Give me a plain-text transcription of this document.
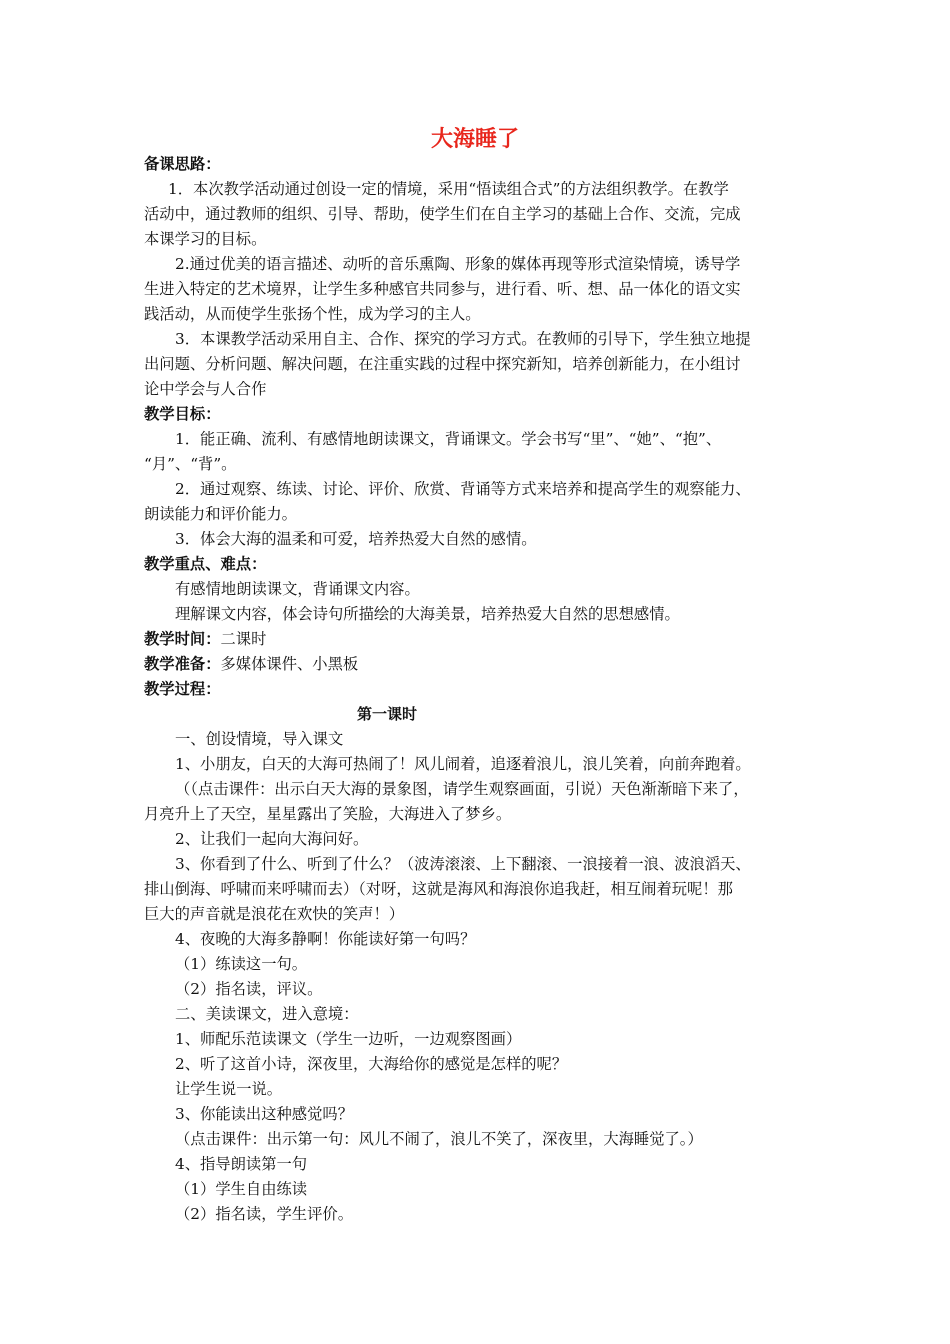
大海睡了
备课思路：
1．本次教学活动通过创设一定的情境，采用“悟读组合式”的方法组织教学。在教学
活动中，通过教师的组织、引导、帮助，使学生们在自主学习的基础上合作、交流，完成
本课学习的目标。
2.通过优美的语言描述、动听的音乐熏陶、形象的媒体再现等形式渲染情境，诱导学
生进入特定的艺术境界，让学生多种感官共同参与，进行看、听、想、品一体化的语文实
践活动，从而使学生张扬个性，成为学习的主人。
3．本课教学活动采用自主、合作、探究的学习方式。在教师的引导下，学生独立地提
出问题、分析问题、解决问题，在注重实践的过程中探究新知，培养创新能力，在小组讨
论中学会与人合作
教学目标：
1．能正确、流利、有感情地朗读课文，背诵课文。学会书写“里”、“她”、“抱”、
“月”、“背”。
2．通过观察、练读、讨论、评价、欣赏、背诵等方式来培养和提高学生的观察能力、
朗读能力和评价能力。
3．体会大海的温柔和可爱，培养热爱大自然的感情。
教学重点、难点：
有感情地朗读课文，背诵课文内容。
理解课文内容，体会诗句所描绘的大海美景，培养热爱大自然的思想感情。
教学时间：二课时
教学准备：多媒体课件、小黑板
教学过程：
第一课时
一、创设情境，导入课文
1、小朋友，白天的大海可热闹了！风儿闹着，追逐着浪儿，浪儿笑着，向前奔跑着。
（（点击课件：出示白天大海的景象图，请学生观察画面，引说）天色渐渐暗下来了，
月亮升上了天空，星星露出了笑脸，大海进入了梦乡。
2、让我们一起向大海问好。
3、你看到了什么、听到了什么？（波涛滚滚、上下翻滚、一浪接着一浪、波浪滔天、
排山倒海、呼啸而来呼啸而去）（对呀，这就是海风和海浪你追我赶，相互闹着玩呢！那
巨大的声音就是浪花在欢快的笑声！）
4、夜晚的大海多静啊！你能读好第一句吗？
（1）练读这一句。
（2）指名读，评议。
二、美读课文，进入意境：
1、师配乐范读课文（学生一边听，一边观察图画）
2、听了这首小诗，深夜里，大海给你的感觉是怎样的呢？
让学生说一说。
3、你能读出这种感觉吗？
（点击课件：出示第一句：风儿不闹了，浪儿不笑了，深夜里，大海睡觉了。）
4、指导朗读第一句
（1）学生自由练读
（2）指名读，学生评价。
